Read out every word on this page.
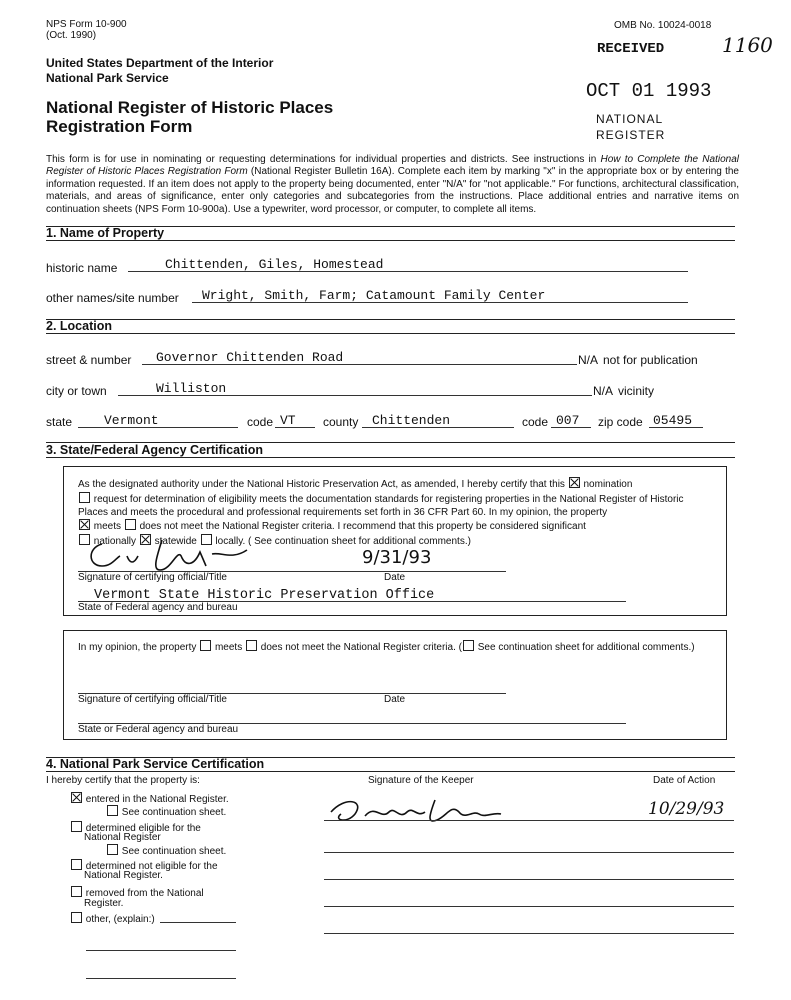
NPS Form 10-900
(Oct. 1990)
OMB No. 10024-0018
United States Department of the Interior
National Park Service
National Register of Historic Places
Registration Form
RECEIVED	1160
OCT 01 1993
NATIONAL
REGISTER
This form is for use in nominating or requesting determinations for individual properties and districts. See instructions in How to Complete the National Register of Historic Places Registration Form (National Register Bulletin 16A). Complete each item by marking "x" in the appropriate box or by entering the information requested. If an item does not apply to the property being documented, enter "N/A" for "not applicable." For functions, architectural classification, materials, and areas of significance, enter only categories and subcategories from the instructions. Place additional entries and narrative items on continuation sheets (NPS Form 10-900a). Use a typewriter, word processor, or computer, to complete all items.
1. Name of Property
historic name	Chittenden, Giles, Homestead
other names/site number Wright, Smith, Farm; Catamount Family Center
2. Location
street & number Governor Chittenden Road	N/A not for publication
city or town	Williston	N/A vicinity
state Vermont	code VT county Chittenden	code 007 zip code 05495
3. State/Federal Agency Certification
As the designated authority under the National Historic Preservation Act, as amended, I hereby certify that this nomination
request for determination of eligibility meets the documentation standards for registering properties in the National Register of Historic Places and meets the procedural and professional requirements set forth in 36 CFR Part 60. In my opinion, the property
meets does not meet the National Register criteria. I recommend that this property be considered significant
nationally statewide locally. ( See continuation sheet for additional comments.)
9/31/93
Signature of certifying official/Title	Date
Vermont State Historic Preservation Office
State of Federal agency and bureau
In my opinion, the property meets does not meet the National Register criteria. ( See continuation sheet for additional comments.)
Signature of certifying official/Title	Date
State or Federal agency and bureau
4. National Park Service Certification
I hereby certify that the property is:
entered in the National Register.
See continuation sheet.
determined eligible for the
National Register
See continuation sheet.
determined not eligible for the
National Register.
removed from the National
Register.
other, (explain:)
Signature of the Keeper	Date of Action
10/29/93
